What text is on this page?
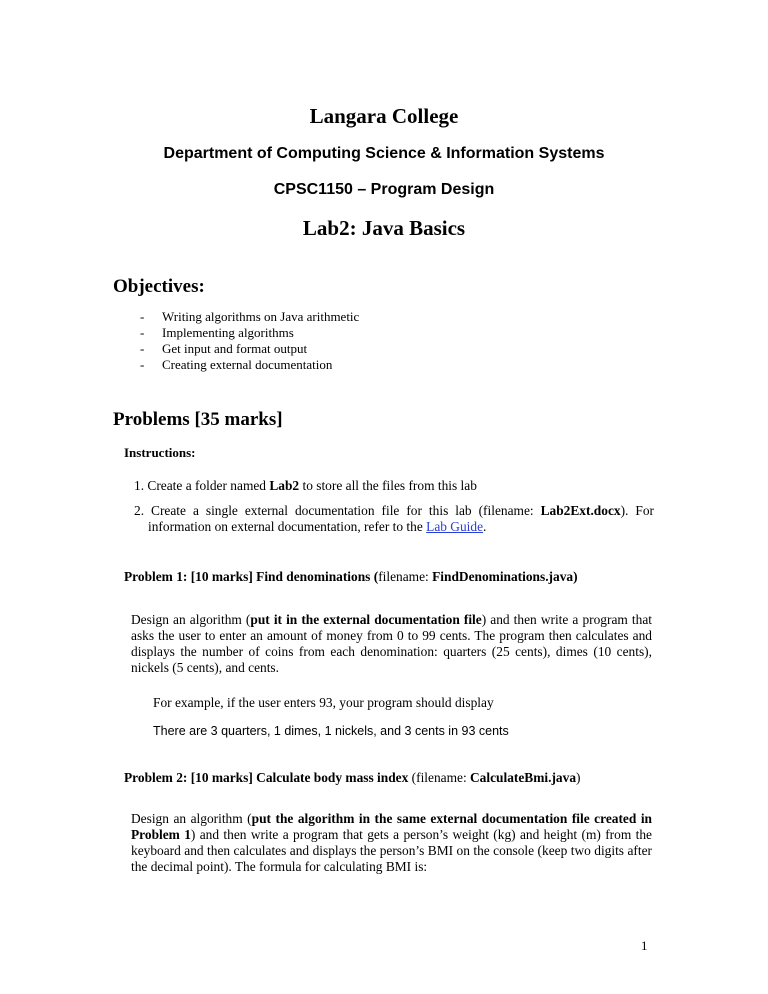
Langara College
Department of Computing Science & Information Systems
CPSC1150 – Program Design
Lab2: Java Basics
Objectives:
- Writing algorithms on Java arithmetic
- Implementing algorithms
- Get input and format output
- Creating external documentation
Problems [35 marks]
Instructions:
1. Create a folder named Lab2 to store all the files from this lab
2. Create a single external documentation file for this lab (filename: Lab2Ext.docx). For
information on external documentation, refer to the Lab Guide.
Problem 1: [10 marks] Find denominations (filename: FindDenominations.java)
Design an algorithm (put it in the external documentation file) and then write a program that asks the user to enter an amount of money from 0 to 99 cents. The program then calculates and displays the number of coins from each denomination: quarters (25 cents), dimes (10 cents), nickels (5 cents), and cents.
For example, if the user enters 93, your program should display
There are 3 quarters, 1 dimes, 1 nickels, and 3 cents in 93 cents
Problem 2: [10 marks] Calculate body mass index (filename: CalculateBmi.java)
Design an algorithm (put the algorithm in the same external documentation file created in Problem 1) and then write a program that gets a person’s weight (kg) and height (m) from the keyboard and then calculates and displays the person’s BMI on the console (keep two digits after the decimal point). The formula for calculating BMI is:
1
